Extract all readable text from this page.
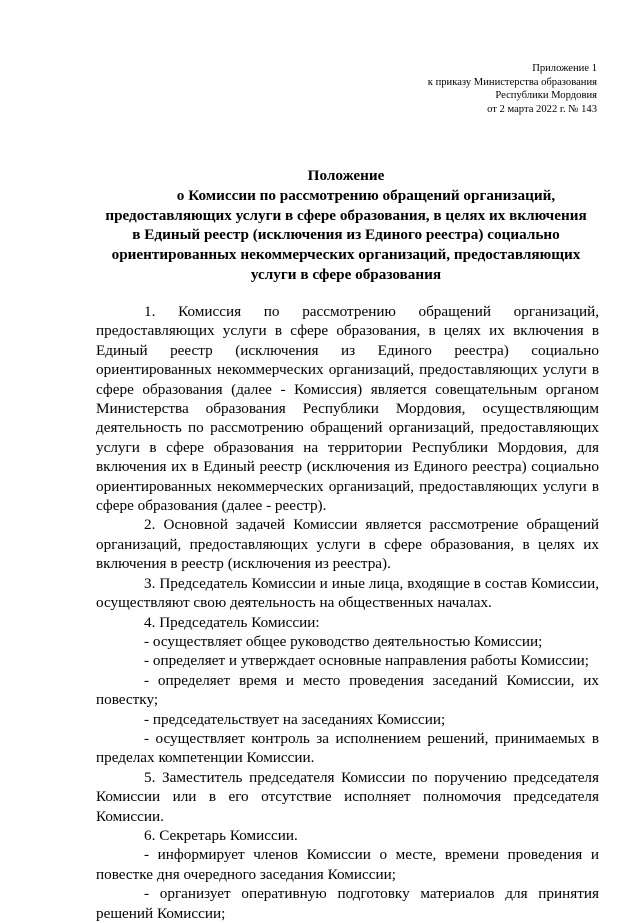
Приложение 1
к приказу Министерства образования
Республики Мордовия
от 2 марта 2022 г. № 143
Положение
о Комиссии по рассмотрению обращений организаций,
предоставляющих услуги в сфере образования, в целях их включения
в Единый реестр (исключения из Единого реестра) социально
ориентированных некоммерческих организаций, предоставляющих
услуги в сфере образования

1. Комиссия по рассмотрению обращений организаций, предоставляющих услуги в сфере образования, в целях их включения в Единый реестр (исключения из Единого реестра) социально ориентированных некоммерческих организаций, предоставляющих услуги в сфере образования (далее - Комиссия) является совещательным органом Министерства образования Республики Мордовия, осуществляющим деятельность по рассмотрению обращений организаций, предоставляющих услуги в сфере образования на территории Республики Мордовия, для включения их в Единый реестр (исключения из Единого реестра) социально ориентированных некоммерческих организаций, предоставляющих услуги в сфере образования (далее - реестр).

2. Основной задачей Комиссии является рассмотрение обращений организаций, предоставляющих услуги в сфере образования, в целях их включения в реестр (исключения из реестра).

3. Председатель Комиссии и иные лица, входящие в состав Комиссии, осуществляют свою деятельность на общественных началах.

4. Председатель Комиссии:

- осуществляет общее руководство деятельностью Комиссии;

- определяет и утверждает основные направления работы Комиссии;

- определяет время и место проведения заседаний Комиссии, их повестку;

- председательствует на заседаниях Комиссии;

- осуществляет контроль за исполнением решений, принимаемых в пределах компетенции Комиссии.

5. Заместитель председателя Комиссии по поручению председателя Комиссии или в его отсутствие исполняет полномочия председателя Комиссии.

6. Секретарь Комиссии.

- информирует членов Комиссии о месте, времени проведения и повестке дня очередного заседания Комиссии;

- организует оперативную подготовку материалов для принятия решений Комиссии;
